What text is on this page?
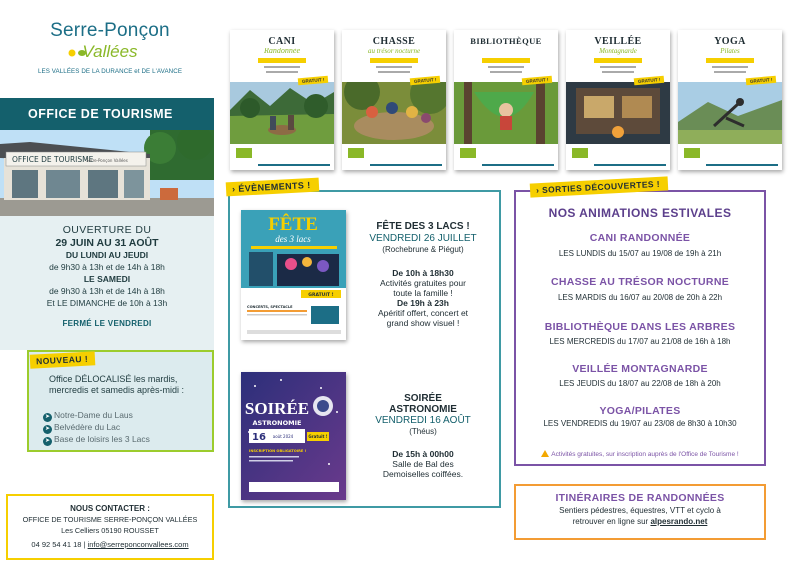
Serre-Ponçon
Vallées
LES VALLÉES DE LA DURANCE et DE L'AVANCE
OFFICE DE TOURISME
OFFICE DE TOURISME
Serre-Ponçon Vallées
OUVERTURE DU
29 JUIN AU 31 AOÛT
DU LUNDI AU JEUDI
de 9h30 à 13h et de 14h à 18h
LE SAMEDI
de 9h30 à 13h et de 14h à 18h
Et LE DIMANCHE de 10h à 13h
FERMÉ LE VENDREDI
Office DÉLOCALISÉ les mardis, mercredis et samedis après-midi :
➤ Notre-Dame du Laus
➤ Belvédère du Lac
➤ Base de loisirs les 3 Lacs
NOUVEAU !
NOUS CONTACTER :
OFFICE DE TOURISME SERRE-PONÇON VALLÉES
Les Celliers 05190 ROUSSET
04 92 54 41 18 | info@serreponconvallees.com
CANI
Randonnée
GRATUIT !
CHASSE
au trésor nocturne
GRATUIT !
BIBLIOTHÈQUE
GRATUIT !
VEILLÉE
Montagnarde
GRATUIT !
YOGA
Pilates
GRATUIT !
› ÉVÈNEMENTS !
FÊTE
des 3 lacs
GRATUIT !
CONCERTS, SPECTACLE
FÊTE DES 3 LACS !
VENDREDI 26 JUILLET
(Rochebrune & Piégut)
De 10h à 18h30
Activités gratuites pour
toute la famille !
De 19h à 23h
Apéritif offert, concert et
grand show visuel !
SOIRÉE
ASTRONOMIE
16 août 2024	Gratuit !
INSCRIPTION OBLIGATOIRE !
SOIRÉE
ASTRONOMIE
VENDREDI 16 AOÛT
(Théus)
De 15h à 00h00
Salle de Bal des
Demoiselles coiffées.
› SORTIES DÉCOUVERTES !
NOS ANIMATIONS ESTIVALES
CANI RANDONNÉE
LES LUNDIS du 15/07 au 19/08 de 19h à 21h
CHASSE AU TRÉSOR NOCTURNE
LES MARDIS du 16/07 au 20/08 de 20h à 22h
BIBLIOTHÈQUE DANS LES ARBRES
LES MERCREDIS du 17/07 au 21/08 de 16h à 18h
VEILLÉE MONTAGNARDE
LES JEUDIS du 18/07 au 22/08 de 18h à 20h
YOGA/PILATES
LES VENDREDIS du 19/07 au 23/08 de 8h30 à 10h30
Activités gratuites, sur inscription auprès de l'Office de Tourisme !
ITINÉRAIRES DE RANDONNÉES
Sentiers pédestres, équestres, VTT et cyclo à
retrouver en ligne sur alpesrando.net
